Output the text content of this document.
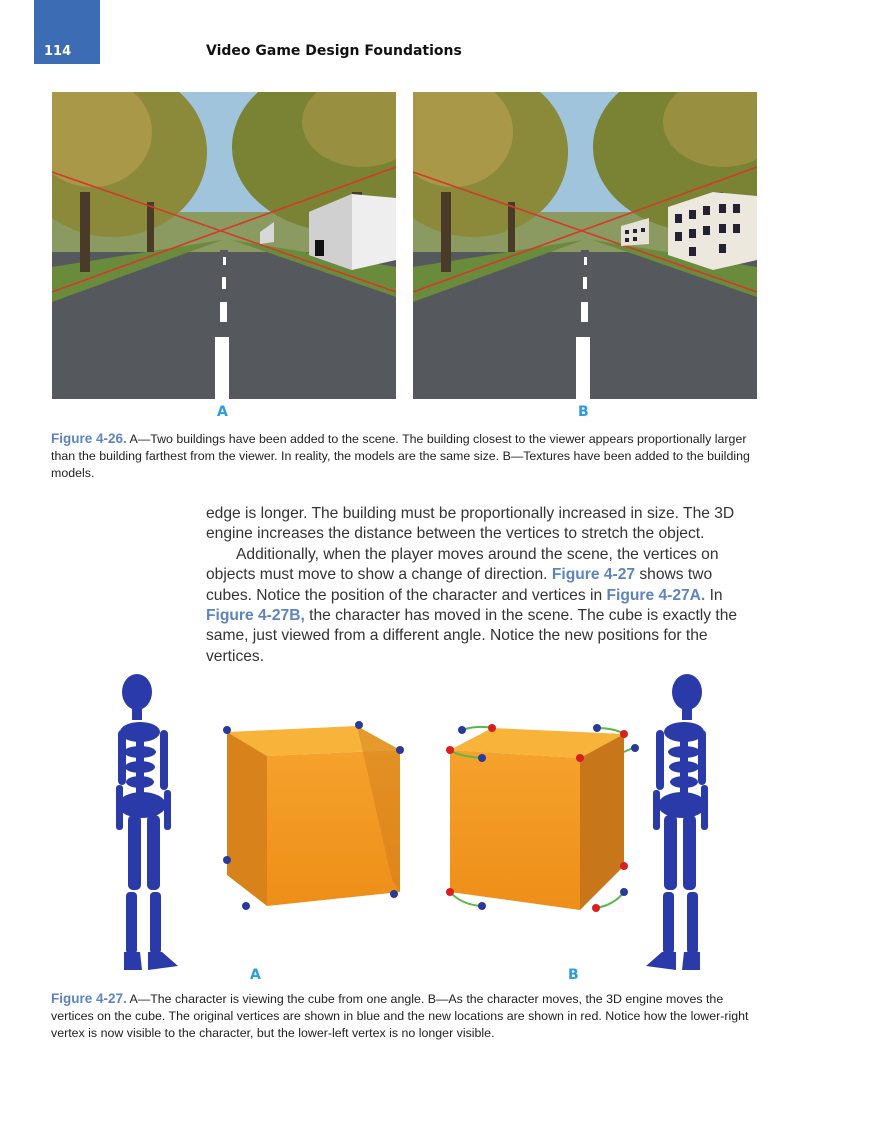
114	Video Game Design Foundations
A	B
Figure 4-26. A—Two buildings have been added to the scene. The building closest to the viewer appears proportionally larger than the building farthest from the viewer. In reality, the models are the same size. B—Textures have been added to the building models.

edge is longer. The building must be proportionally increased in size. The 3D engine increases the distance between the vertices to stretch the object.

Additionally, when the player moves around the scene, the vertices on objects must move to show a change of direction. Figure 4-27 shows two cubes. Notice the position of the character and vertices in Figure 4-27A. In Figure 4-27B, the character has moved in the scene. The cube is exactly the same, just viewed from a different angle. Notice the new positions for the vertices.

A	B
Figure 4-27. A—The character is viewing the cube from one angle. B—As the character moves, the 3D engine moves the vertices on the cube. The original vertices are shown in blue and the new locations are shown in red. Notice how the lower-right vertex is now visible to the character, but the lower-left vertex is no longer visible.
